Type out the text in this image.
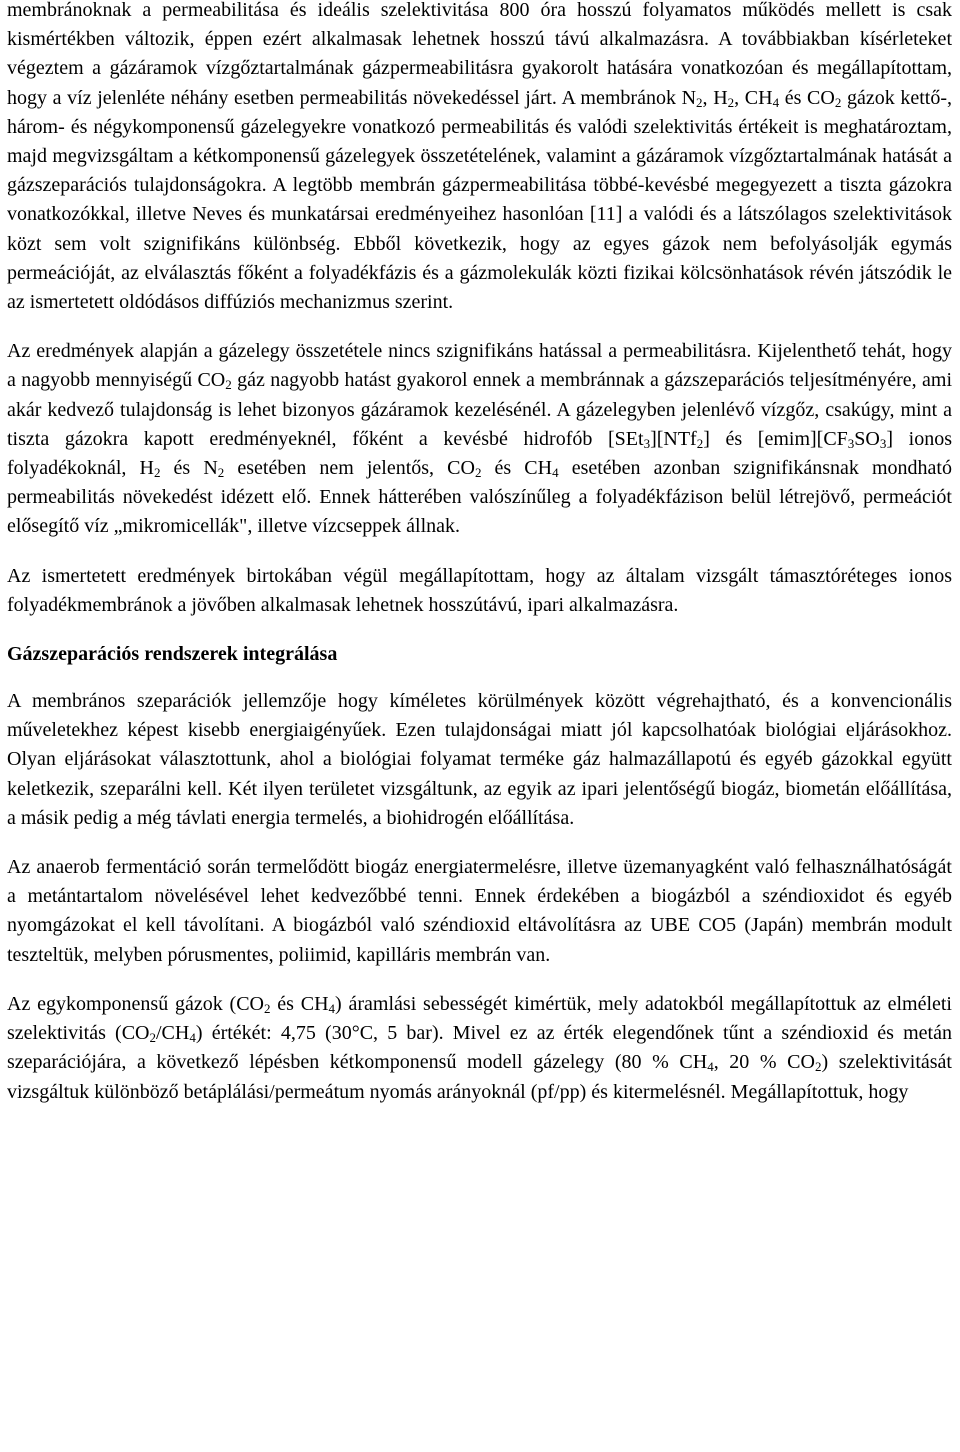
membránoknak a permeabilitása és ideális szelektivitása 800 óra hosszú folyamatos működés mellett is csak kismértékben változik, éppen ezért alkalmasak lehetnek hosszú távú alkalmazásra. A továbbiakban kísérleteket végeztem a gázáramok vízgőztartalmának gázpermeabilitásra gyakorolt hatására vonatkozóan és megállapítottam, hogy a víz jelenléte néhány esetben permeabilitás növekedéssel járt. A membránok $N_2$, $H_2$, $CH_4$ és $CO_2$ gázok kettő-, három- és négykomponensű gázelegyekre vonatkozó permeabilitás és valódi szelektivitás értékeit is meghatároztam, majd megvizsgáltam a kétkomponensű gázelegyek összetételének, valamint a gázáramok vízgőztartalmának hatását a gázszeparációs tulajdonságokra. A legtöbb membrán gázpermeabilitása többé-kevésbé megegyezett a tiszta gázokra vonatkozókkal, illetve Neves és munkatársai eredményeihez hasonlóan [11] a valódi és a látszólagos szelektivitások közt sem volt szignifikáns különbség. Ebből következik, hogy az egyes gázok nem befolyásolják egymás permeációját, az elválasztás főként a folyadékfázis és a gázmolekulák közti fizikai kölcsönhatások révén játszódik le az ismertetett oldódásos diffúziós mechanizmus szerint.

Az eredmények alapján a gázelegy összetétele nincs szignifikáns hatással a permeabilitásra. Kijelenthető tehát, hogy a nagyobb mennyiségű $CO_2$ gáz nagyobb hatást gyakorol ennek a membránnak a gázszeparációs teljesítményére, ami akár kedvező tulajdonság is lehet bizonyos gázáramok kezelésénél. A gázelegyben jelenlévő vízgőz, csakúgy, mint a tiszta gázokra kapott eredményeknél, főként a kevésbé hidrofób [SEt$_3$][NTf$_2$] és $[emim][CF_3SO_3]$ ionos folyadékoknál, $H_2$ és $N_2$ esetében nem jelentős, $CO_2$ és $CH_4$ esetében azonban szignifikánsnak mondható permeabilitás növekedést idézett elő. Ennek hátterében valószínűleg a folyadékfázison belül létrejövő, permeációt elősegítő víz „mikromicellák", illetve vízcseppek állnak.

Az ismertetett eredmények birtokában végül megállapítottam, hogy az általam vizsgált támasztóréteges ionos folyadékmembránok a jövőben alkalmasak lehetnek hosszútávú, ipari alkalmazásra.

Gázszeparációs rendszerek integrálása

A membrános szeparációk jellemzője hogy kíméletes körülmények között végrehajtható, és a konvencionális műveletekhez képest kisebb energiaigényűek. Ezen tulajdonságai miatt jól kapcsolhatóak biológiai eljárásokhoz. Olyan eljárásokat választottunk, ahol a biológiai folyamat terméke gáz halmazállapotú és egyéb gázokkal együtt keletkezik, szeparálni kell. Két ilyen területet vizsgáltunk, az egyik az ipari jelentőségű biogáz, biometán előállítása, a másik pedig a még távlati energia termelés, a biohidrogén előállítása.

Az anaerob fermentáció során termelődött biogáz energiatermelésre, illetve üzemanyagként való felhasználhatóságát a metántartalom növelésével lehet kedvezőbbé tenni. Ennek érdekében a biogázból a széndioxidot és egyéb nyomgázokat el kell távolítani. A biogázból való széndioxid eltávolításra az UBE CO5 (Japán) membrán modult teszteltük, melyben pórusmentes, poliimid, kapilláris membrán van.

Az egykomponensű gázok ($CO_2$ és $CH_4$) áramlási sebességét kimértük, mely adatokból megállapítottuk az elméleti szelektivitás $(CO_2/CH_4)$ értékét: 4,75 (30°C, 5 bar). Mivel ez az érték elegendőnek tűnt a széndioxid és metán szeparációjára, a következő lépésben kétkomponensű modell gázelegy (80 % $CH_4$, 20 % $CO_2$) szelektivitását vizsgáltuk különböző betáplálási/permeátum nyomás arányoknál (pf/pp) és kitermelésnél. Megállapítottuk, hogy
